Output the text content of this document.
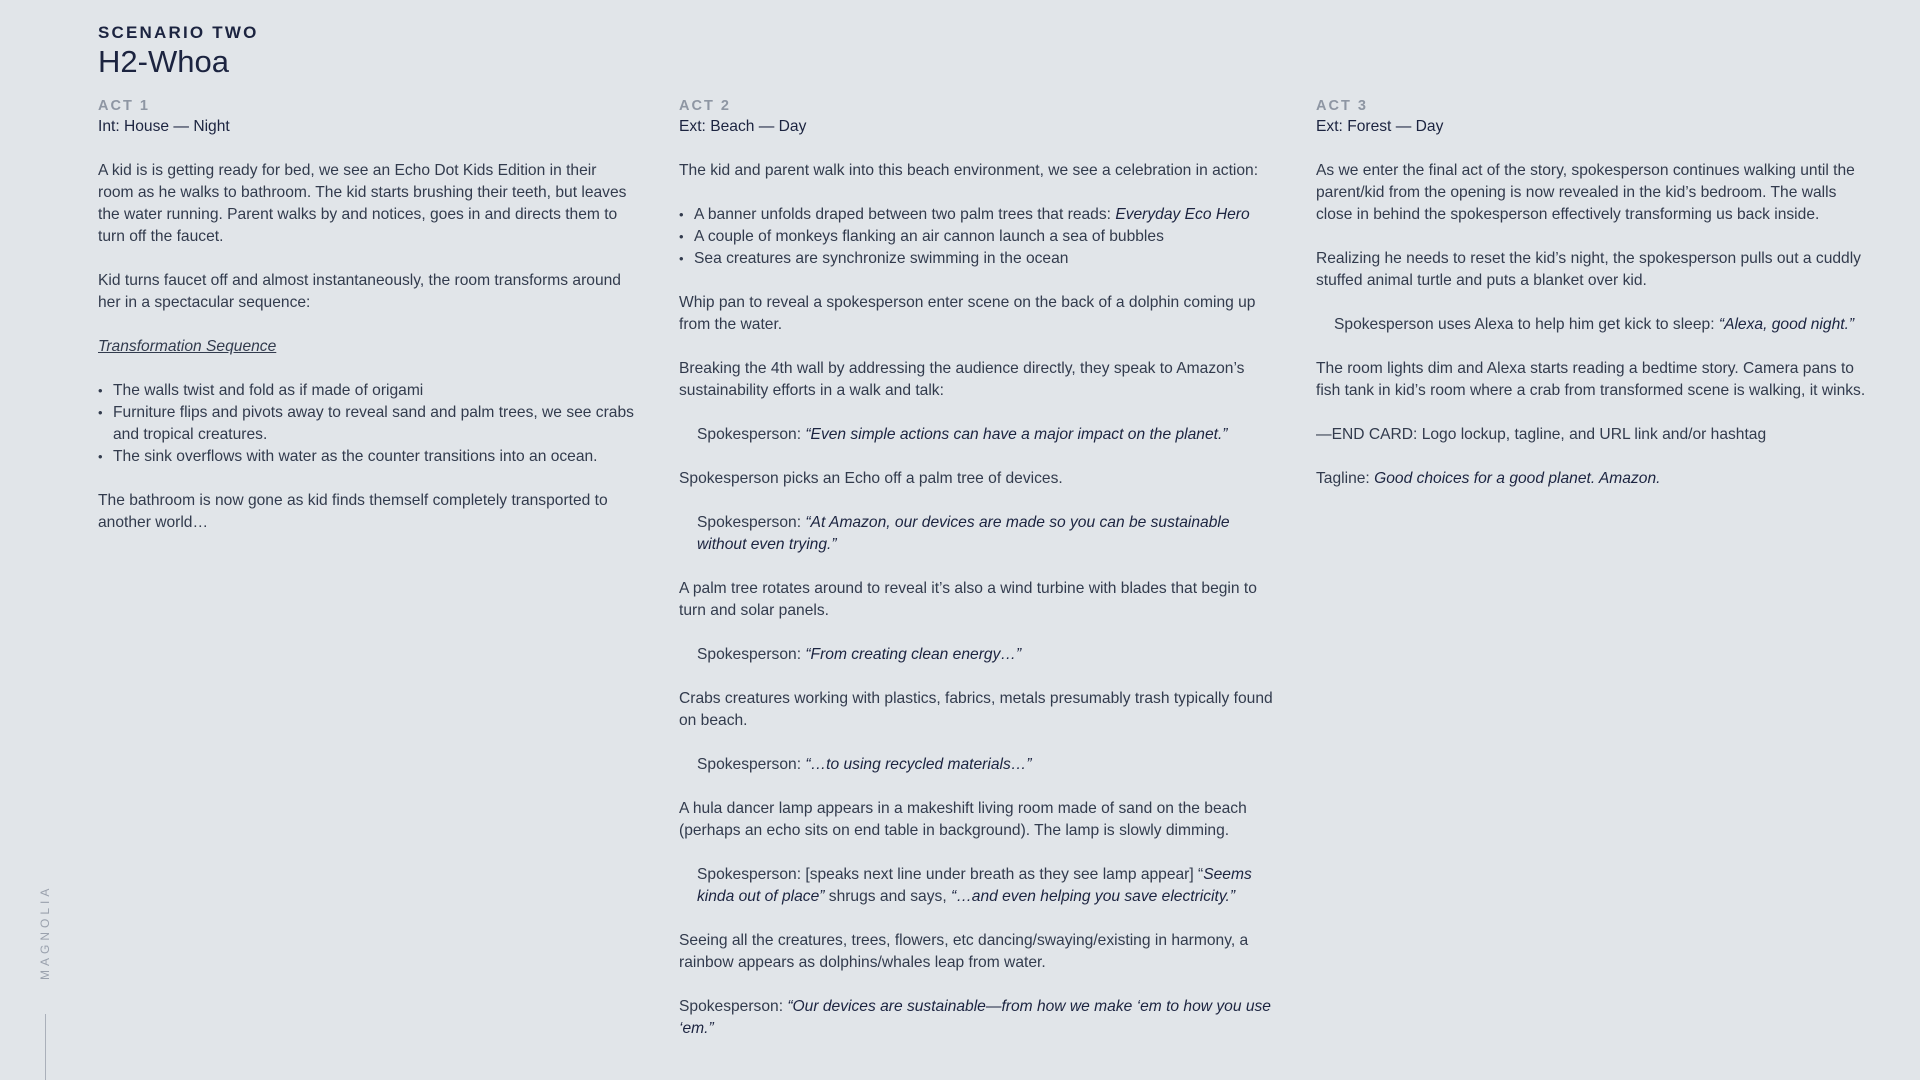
SCENARIO TWO
H2-Whoa
ACT 1
Int: House — Night

A kid is is getting ready for bed, we see an Echo Dot Kids Edition in their room as he walks to bathroom. The kid starts brushing their teeth, but leaves the water running. Parent walks by and notices, goes in and directs them to turn off the faucet.

Kid turns faucet off and almost instantaneously, the room transforms around her in a spectacular sequence:

Transformation Sequence

• The walls twist and fold as if made of origami
• Furniture flips and pivots away to reveal sand and palm trees, we see crabs and tropical creatures.
• The sink overflows with water as the counter transitions into an ocean.

The bathroom is now gone as kid finds themself completely transported to another world…

ACT 2
Ext: Beach — Day

The kid and parent walk into this beach environment, we see a celebration in action:

• A banner unfolds draped between two palm trees that reads: Everyday Eco Hero
• A couple of monkeys flanking an air cannon launch a sea of bubbles
• Sea creatures are synchronize swimming in the ocean

Whip pan to reveal a spokesperson enter scene on the back of a dolphin coming up from the water.

Breaking the 4th wall by addressing the audience directly, they speak to Amazon’s sustainability efforts in a walk and talk:

Spokesperson: “Even simple actions can have a major impact on the planet.”

Spokesperson picks an Echo off a palm tree of devices.

Spokesperson: “At Amazon, our devices are made so you can be sustainable without even trying.”

A palm tree rotates around to reveal it’s also a wind turbine with blades that begin to turn and solar panels.

Spokesperson: “From creating clean energy…”

Crabs creatures working with plastics, fabrics, metals presumably trash typically found on beach.

Spokesperson: “…to using recycled materials…”

A hula dancer lamp appears in a makeshift living room made of sand on the beach (perhaps an echo sits on end table in background). The lamp is slowly dimming.

Spokesperson: [speaks next line under breath as they see lamp appear] “Seems kinda out of place” shrugs and says, “…and even helping you save electricity.”

Seeing all the creatures, trees, flowers, etc dancing/swaying/existing in harmony, a rainbow appears as dolphins/whales leap from water.

Spokesperson: “Our devices are sustainable—from how we make ‘em to how you use ‘em.”

ACT 3
Ext: Forest — Day

As we enter the final act of the story, spokesperson continues walking until the parent/kid from the opening is now revealed in the kid’s bedroom. The walls close in behind the spokesperson effectively transforming us back inside.

Realizing he needs to reset the kid’s night, the spokesperson pulls out a cuddly stuffed animal turtle and puts a blanket over kid.

Spokesperson uses Alexa to help him get kick to sleep: “Alexa, good night.”

The room lights dim and Alexa starts reading a bedtime story. Camera pans to fish tank in kid’s room where a crab from transformed scene is walking, it winks.

—END CARD: Logo lockup, tagline, and URL link and/or hashtag

Tagline: Good choices for a good planet. Amazon.

MAGNOLIA
